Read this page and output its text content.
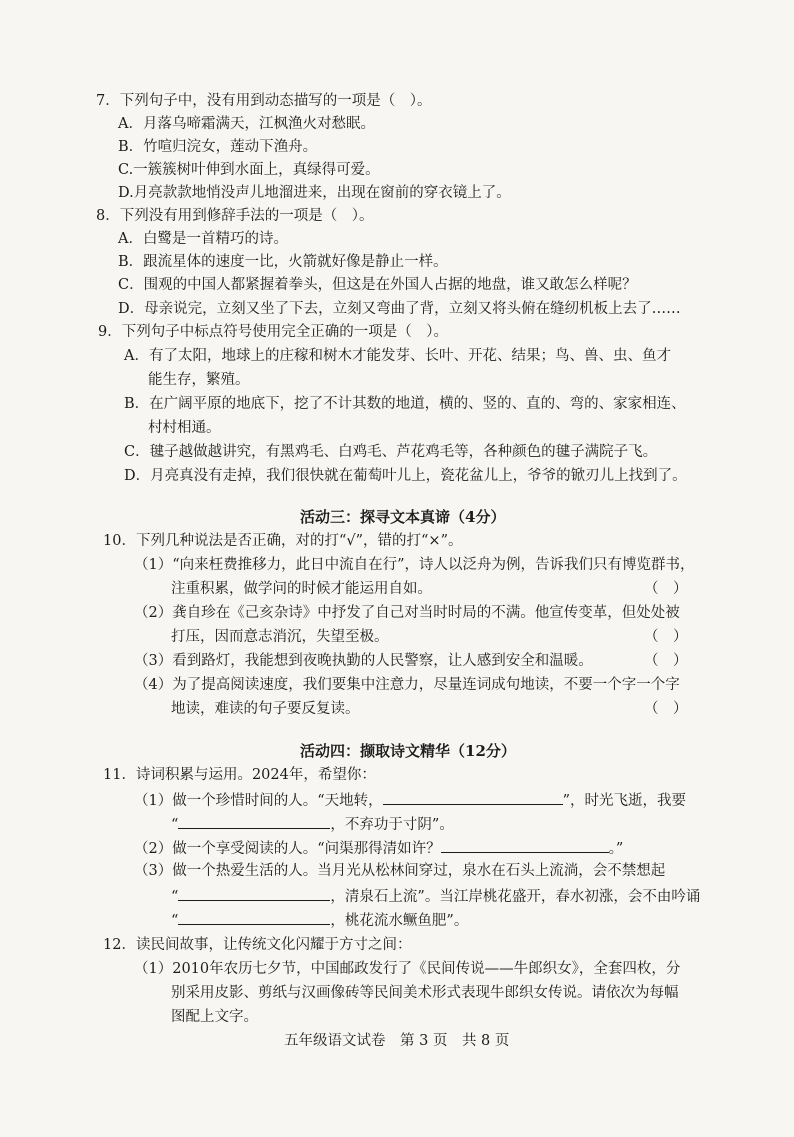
7．下列句子中，没有用到动态描写的一项是（　）。
A．月落乌啼霜满天，江枫渔火对愁眠。
B．竹喧归浣女，莲动下渔舟。
C.一簇簇树叶伸到水面上，真绿得可爱。
D.月亮款款地悄没声儿地溜进来，出现在窗前的穿衣镜上了。
8．下列没有用到修辞手法的一项是（　）。
A．白鹭是一首精巧的诗。
B．跟流星体的速度一比，火箭就好像是静止一样。
C．围观的中国人都紧握着拳头，但这是在外国人占据的地盘，谁又敢怎么样呢？
D．母亲说完，立刻又坐了下去，立刻又弯曲了背，立刻又将头俯在缝纫机板上去了……
9．下列句子中标点符号使用完全正确的一项是（　）。
A．有了太阳，地球上的庄稼和树木才能发芽、长叶、开花、结果；鸟、兽、虫、鱼才
能生存，繁殖。
B．在广阔平原的地底下，挖了不计其数的地道，横的、竖的、直的、弯的、家家相连、
村村相通。
C．毽子越做越讲究，有黑鸡毛、白鸡毛、芦花鸡毛等，各种颜色的毽子满院子飞。
D．月亮真没有走掉，我们很快就在葡萄叶儿上，瓷花盆儿上，爷爷的锨刃儿上找到了。
活动三：探寻文本真谛（4分）
10．下列几种说法是否正确，对的打“√”，错的打“×”。
（1）“向来枉费推移力，此日中流自在行”，诗人以泛舟为例，告诉我们只有博览群书，
注重积累，做学问的时候才能运用自如。	（　）
（2）龚自珍在《己亥杂诗》中抒发了自己对当时时局的不满。他宣传变革，但处处被
打压，因而意志消沉，失望至极。	（　）
（3）看到路灯，我能想到夜晚执勤的人民警察，让人感到安全和温暖。	（　）
（4）为了提高阅读速度，我们要集中注意力，尽量连词成句地读，不要一个字一个字
地读，难读的句子要反复读。	（　）
活动四：撷取诗文精华（12分）
11．诗词积累与运用。2024年，希望你：
（1）做一个珍惜时间的人。“天地转，	”，时光飞逝，我要
“	，不弃功于寸阴”。
（2）做一个享受阅读的人。“问渠那得清如许？	。”
（3）做一个热爱生活的人。当月光从松林间穿过，泉水在石头上流淌，会不禁想起
“	，清泉石上流”。当江岸桃花盛开，春水初涨，会不由吟诵
“	，桃花流水鳜鱼肥”。
12．读民间故事，让传统文化闪耀于方寸之间：
（1）2010年农历七夕节，中国邮政发行了《民间传说——牛郎织女》，全套四枚，分
别采用皮影、剪纸与汉画像砖等民间美术形式表现牛郎织女传说。请依次为每幅
图配上文字。
五年级语文试卷　第 3 页　共 8 页
